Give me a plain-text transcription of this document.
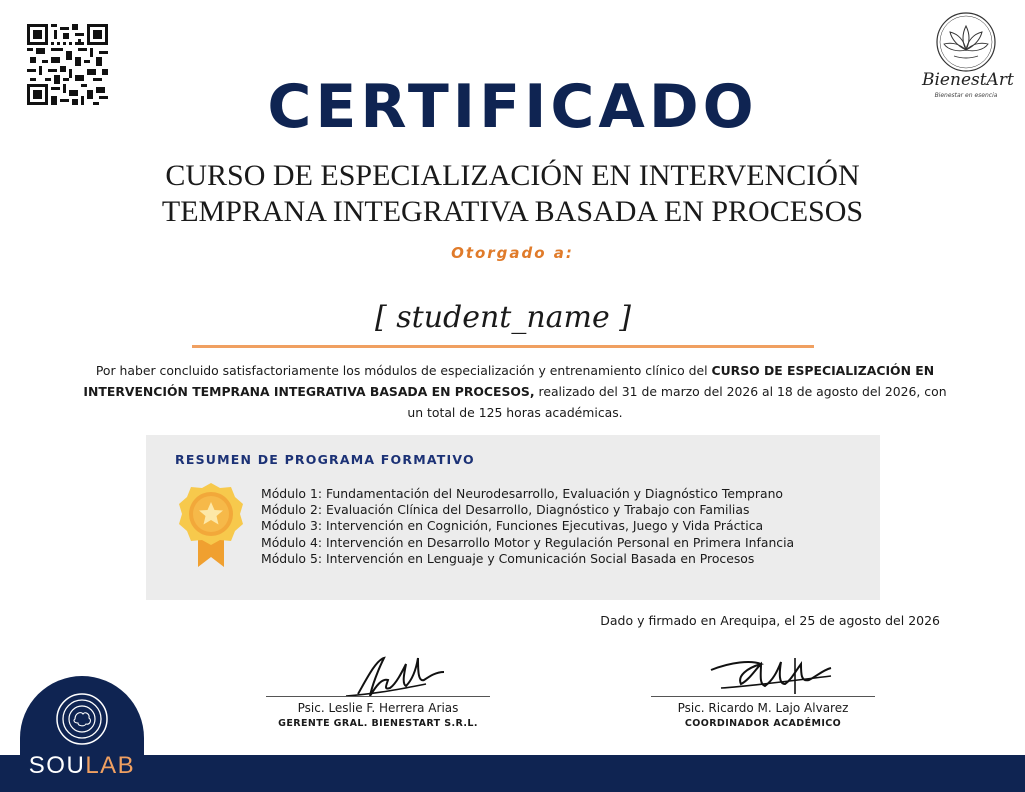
BienestArt
Bienestar en esencia
CERTIFICADO
CURSO DE ESPECIALIZACIÓN EN INTERVENCIÓN
TEMPRANA INTEGRATIVA BASADA EN PROCESOS
Otorgado a:
[ student_name ]
Por haber concluido satisfactoriamente los módulos de especialización y entrenamiento clínico del CURSO DE ESPECIALIZACIÓN EN INTERVENCIÓN TEMPRANA INTEGRATIVA BASADA EN PROCESOS, realizado del 31 de marzo del 2026 al 18 de agosto del 2026, con un total de 125 horas académicas.
RESUMEN DE PROGRAMA FORMATIVO
Módulo 1: Fundamentación del Neurodesarrollo, Evaluación y Diagnóstico Temprano
Módulo 2: Evaluación Clínica del Desarrollo, Diagnóstico y Trabajo con Familias
Módulo 3: Intervención en Cognición, Funciones Ejecutivas, Juego y Vida Práctica
Módulo 4: Intervención en Desarrollo Motor y Regulación Personal en Primera Infancia
Módulo 5: Intervención en Lenguaje y Comunicación Social Basada en Procesos
Dado y firmado en Arequipa, el 25 de agosto del 2026
Psic. Leslie F. Herrera Arias
GERENTE GRAL. BIENESTART S.R.L.
Psic. Ricardo M. Lajo Alvarez
COORDINADOR ACADÉMICO
SOULAB
